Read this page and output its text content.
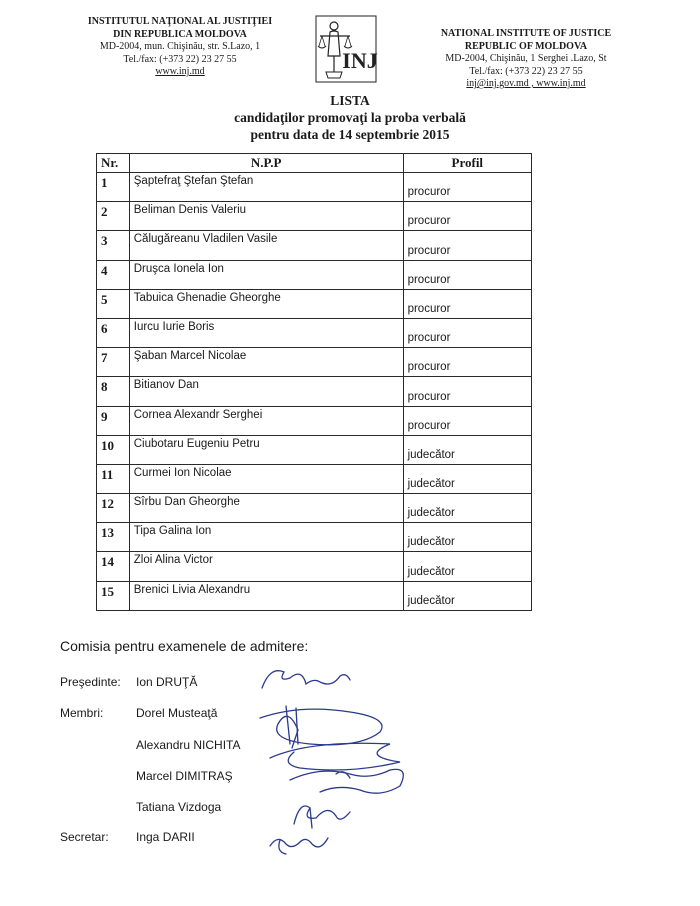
INSTITUTUL NAŢIONAL AL JUSTIŢIEI
DIN REPUBLICA MOLDOVA
MD-2004, mun. Chişinău, str. S.Lazo, 1
Tel./fax: (+373 22) 23 27 55
www.inj.md	INJ
NATIONAL INSTITUTE OF JUSTICE
REPUBLIC OF MOLDOVA
MD-2004, Chişinău, 1 Serghei .Lazo, St
Tel./fax: (+373 22) 23 27 55
inj@inj.gov.md , www.inj.md
LISTA
candidaţilor promovaţi la proba verbală
pentru data de 14 septembrie 2015
Nr.	N.P.P	Profil
1	Şaptefraţ Ştefan Ştefan	procuror
2	Beliman Denis Valeriu	procuror
3	Călugăreanu Vladilen Vasile	procuror
4	Druşca Ionela Ion	procuror
5	Tabuica Ghenadie Gheorghe	procuror
6	Iurcu Iurie Boris	procuror
7	Şaban Marcel Nicolae	procuror
8	Bitianov Dan	procuror
9	Cornea Alexandr Serghei	procuror
10	Ciubotaru Eugeniu Petru	judecător
11	Curmei Ion Nicolae	judecător
12	Sîrbu Dan Gheorghe	judecător
13	Tipa Galina Ion	judecător
14	Zloi Alina Victor	judecător
15	Brenici Livia Alexandru	judecător
Comisia pentru examenele de admitere:
Preşedinte: Ion DRUŢĂ
Membri:	Dorel Musteaţă
Alexandru NICHITA
Marcel DIMITRAŞ
Tatiana Vizdoga
Secretar: Inga DARII
